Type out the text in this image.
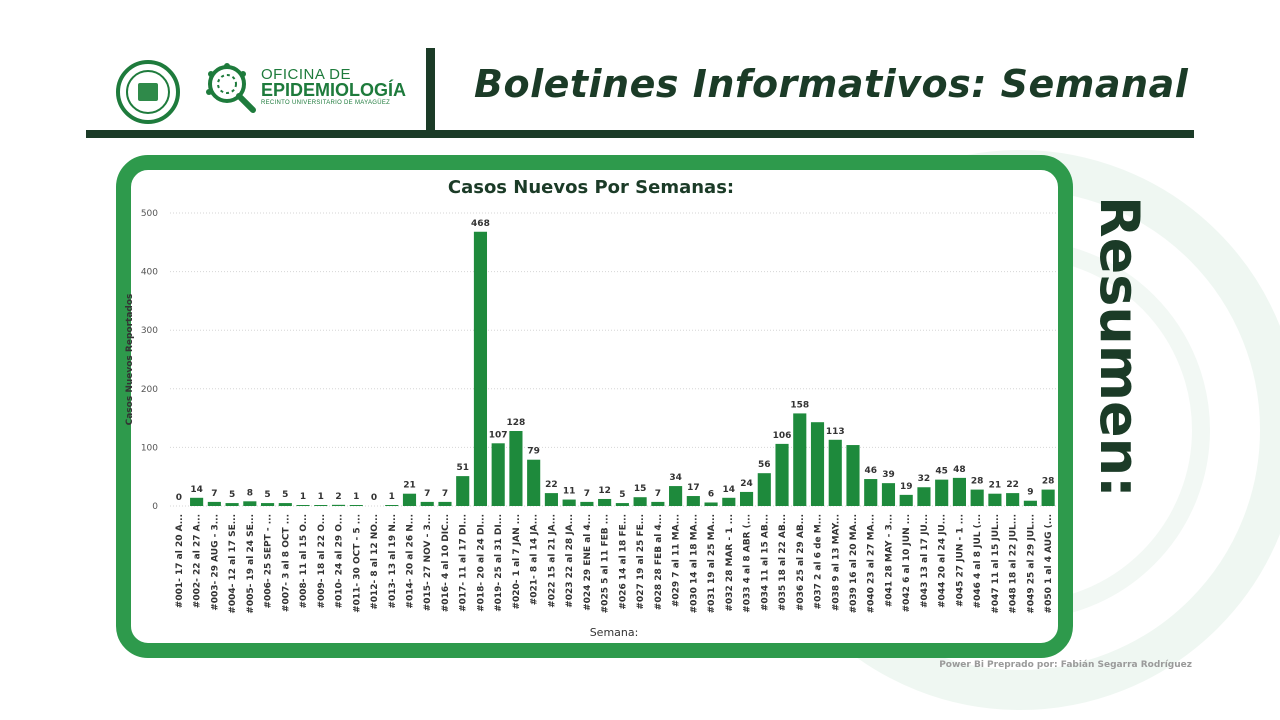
OFICINA DE
EPIDEMIOLOGÍA
RECINTO UNIVERSITARIO DE MAYAGÜEZ Boletines Informativos: Semanal
Casos Nuevos Por Semanas:
0
100
200
300
400
500
Casos Nuevos Reportados
0
#001- 17 al 20 A...
14
#002- 22 al 27 A...
7
#003- 29 AUG - 3...
5
#004- 12 al 17 SE...
8
#005- 19 al 24 SE...
5
#006- 25 SEPT - ...
5
#007- 3 al 8 OCT ...
1
#008- 11 al 15 O...
1
#009- 18 al 22 O...
2
#010- 24 al 29 O...
1
#011- 30 OCT - 5 ...
0
#012- 8 al 12 NO...
1
#013- 13 al 19 N...
21
#014- 20 al 26 N...
7
#015- 27 NOV - 3...
7
#016- 4 al 10 DIC...
51
#017- 11 al 17 DI...
468
#018- 20 al 24 DI...
107
#019- 25 al 31 DI...
128
#020- 1 al 7 JAN ...
79
#021- 8 al 14 JA...
22
#022 15 al 21 JA...
11
#023 22 al 28 JA...
7
#024 29 ENE al 4...
12
#025 5 al 11 FEB ...
5
#026 14 al 18 FE...
15
#027 19 al 25 FE...
7
#028 28 FEB al 4...
34
#029 7 al 11 MA...
17
#030 14 al 18 MA...
6
#031 19 al 25 MA...
14
#032 28 MAR - 1 ...
24
#033 4 al 8 ABR (...
56
#034 11 al 15 AB...
106
#035 18 al 22 AB...
158
#036 25 al 29 AB... #037 2 al 6 de M...
113
#038 9 al 13 MAY... #039 16 al 20 MA...
46
#040 23 al 27 MA...
39
#041 28 MAY - 3...
19
#042 6 al 10 JUN ...
32
#043 13 al 17 JU...
45
#044 20 al 24 JU...
48
#045 27 JUN - 1 ...
28
#046 4 al 8 JUL (...
21
#047 11 al 15 JUL...
22
#048 18 al 22 JUL...
9
#049 25 al 29 JUL...
28
#050 1 al 4 AUG (...
Semana:
Resumen:
Power Bi Preprado por: Fabián Segarra Rodríguez
